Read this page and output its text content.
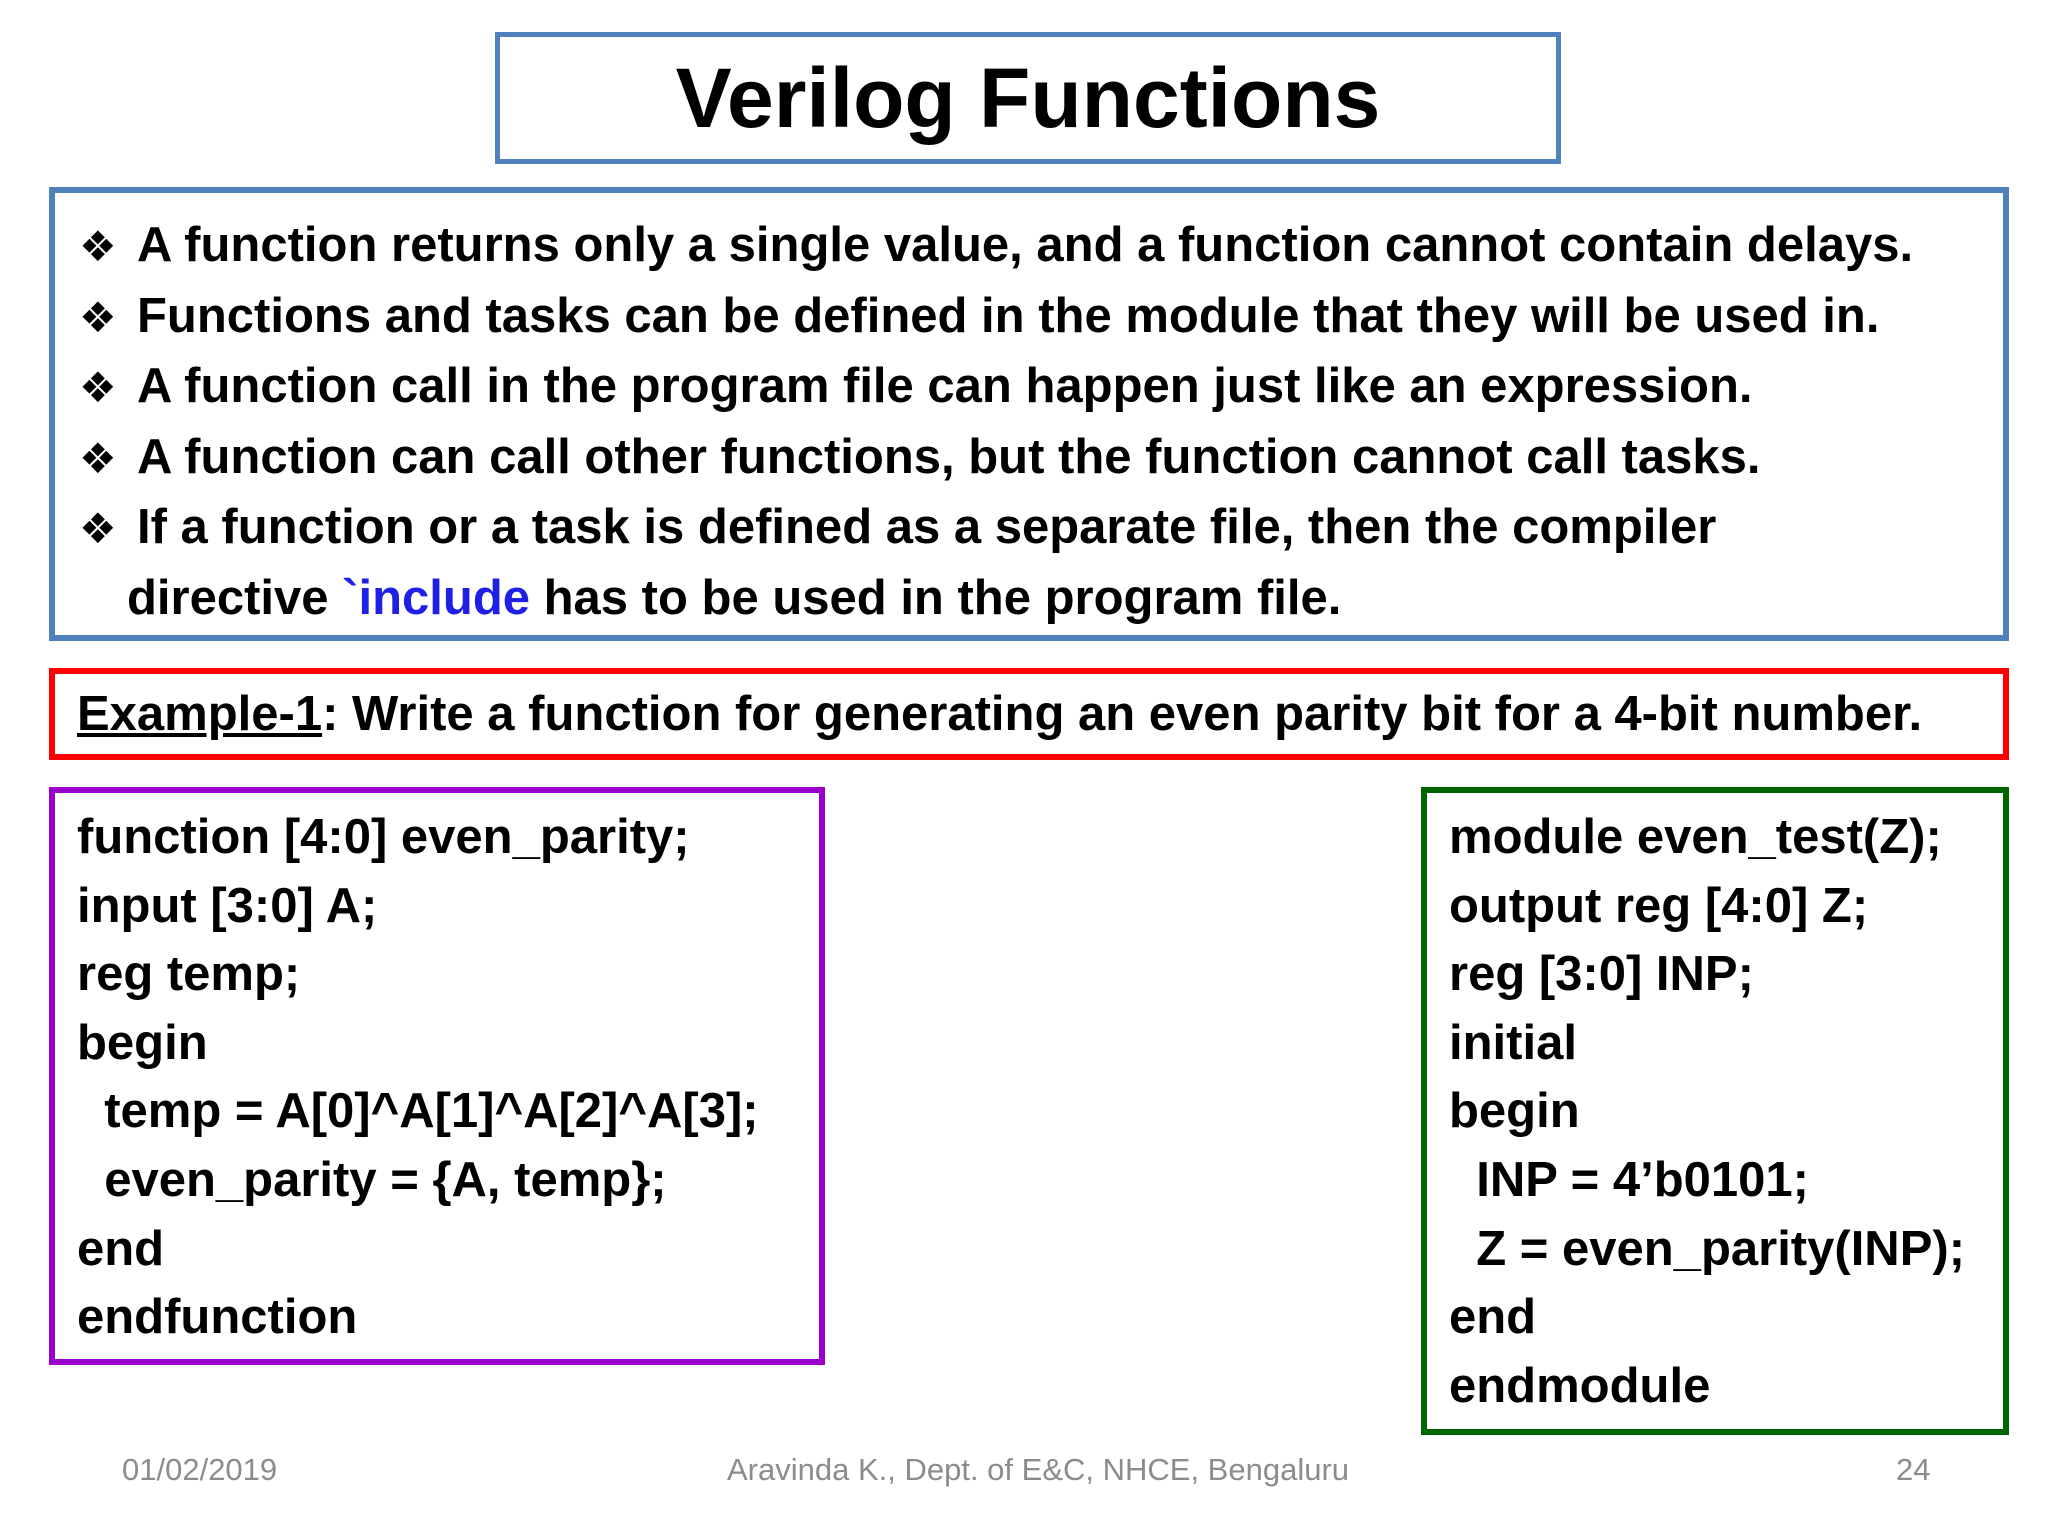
Verilog Functions
❖ A function returns only a single value, and a function cannot contain delays.
❖ Functions and tasks can be defined in the module that they will be used in.
❖ A function call in the program file can happen just like an expression.
❖ A function can call other functions, but the function cannot call tasks.
❖ If a function or a task is defined as a separate file, then the compiler
directive `include has to be used in the program file.
Example-1: Write a function for generating an even parity bit for a 4-bit number.
function [4:0] even_parity;
input [3:0] A;
reg temp;
begin
temp = A[0]^A[1]^A[2]^A[3];
even_parity = {A, temp};
end
endfunction
module even_test(Z);
output reg [4:0] Z;
reg [3:0] INP;
initial
begin
INP = 4’b0101;
Z = even_parity(INP);
end
endmodule
01/02/2019	Aravinda K., Dept. of E&C, NHCE, Bengaluru	24
